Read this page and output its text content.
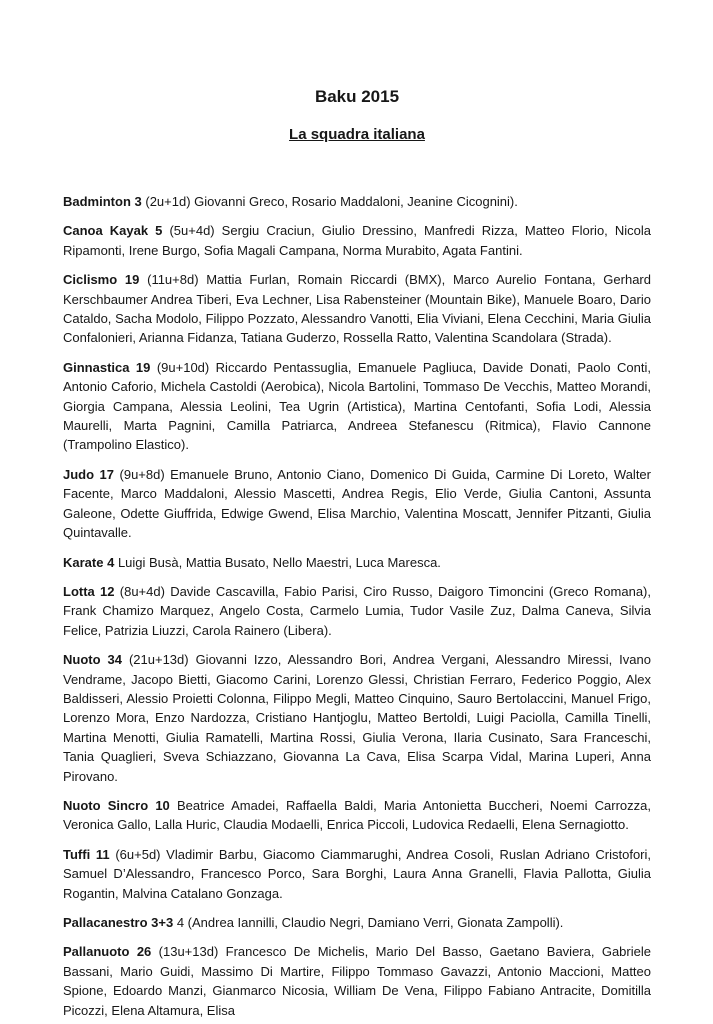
Baku 2015
La squadra italiana

Badminton 3 (2u+1d) Giovanni Greco, Rosario Maddaloni, Jeanine Cicognini).

Canoa Kayak 5 (5u+4d) Sergiu Craciun, Giulio Dressino, Manfredi Rizza, Matteo Florio, Nicola Ripamonti, Irene Burgo, Sofia Magali Campana, Norma Murabito, Agata Fantini.

Ciclismo 19 (11u+8d) Mattia Furlan, Romain Riccardi (BMX), Marco Aurelio Fontana, Gerhard Kerschbaumer Andrea Tiberi, Eva Lechner, Lisa Rabensteiner (Mountain Bike), Manuele Boaro, Dario Cataldo, Sacha Modolo, Filippo Pozzato, Alessandro Vanotti, Elia Viviani, Elena Cecchini, Maria Giulia Confalonieri, Arianna Fidanza, Tatiana Guderzo, Rossella Ratto, Valentina Scandolara (Strada).

Ginnastica 19 (9u+10d) Riccardo Pentassuglia, Emanuele Pagliuca, Davide Donati, Paolo Conti, Antonio Caforio, Michela Castoldi (Aerobica), Nicola Bartolini, Tommaso De Vecchis, Matteo Morandi, Giorgia Campana, Alessia Leolini, Tea Ugrin (Artistica), Martina Centofanti, Sofia Lodi, Alessia Maurelli, Marta Pagnini, Camilla Patriarca, Andreea Stefanescu (Ritmica), Flavio Cannone (Trampolino Elastico).

Judo 17 (9u+8d) Emanuele Bruno, Antonio Ciano, Domenico Di Guida, Carmine Di Loreto, Walter Facente, Marco Maddaloni, Alessio Mascetti, Andrea Regis, Elio Verde, Giulia Cantoni, Assunta Galeone, Odette Giuffrida, Edwige Gwend, Elisa Marchio, Valentina Moscatt, Jennifer Pitzanti, Giulia Quintavalle.

Karate 4 Luigi Busà, Mattia Busato, Nello Maestri, Luca Maresca.

Lotta 12 (8u+4d) Davide Cascavilla, Fabio Parisi, Ciro Russo, Daigoro Timoncini (Greco Romana), Frank Chamizo Marquez, Angelo Costa, Carmelo Lumia, Tudor Vasile Zuz, Dalma Caneva, Silvia Felice, Patrizia Liuzzi, Carola Rainero (Libera).

Nuoto 34 (21u+13d) Giovanni Izzo, Alessandro Bori, Andrea Vergani, Alessandro Miressi, Ivano Vendrame, Jacopo Bietti, Giacomo Carini, Lorenzo Glessi, Christian Ferraro, Federico Poggio, Alex Baldisseri, Alessio Proietti Colonna, Filippo Megli, Matteo Cinquino, Sauro Bertolaccini, Manuel Frigo, Lorenzo Mora, Enzo Nardozza, Cristiano Hantjoglu, Matteo Bertoldi, Luigi Paciolla, Camilla Tinelli, Martina Menotti, Giulia Ramatelli, Martina Rossi, Giulia Verona, Ilaria Cusinato, Sara Franceschi, Tania Quaglieri, Sveva Schiazzano, Giovanna La Cava, Elisa Scarpa Vidal, Marina Luperi, Anna Pirovano.

Nuoto Sincro 10 Beatrice Amadei, Raffaella Baldi, Maria Antonietta Buccheri, Noemi Carrozza, Veronica Gallo, Lalla Huric, Claudia Modaelli, Enrica Piccoli, Ludovica Redaelli, Elena Sernagiotto.

Tuffi 11 (6u+5d) Vladimir Barbu, Giacomo Ciammarughi, Andrea Cosoli, Ruslan Adriano Cristofori, Samuel D’Alessandro, Francesco Porco, Sara Borghi, Laura Anna Granelli, Flavia Pallotta, Giulia Rogantin, Malvina Catalano Gonzaga.

Pallacanestro 3+3 4 (Andrea Iannilli, Claudio Negri, Damiano Verri, Gionata Zampolli).

Pallanuoto 26 (13u+13d) Francesco De Michelis, Mario Del Basso, Gaetano Baviera, Gabriele Bassani, Mario Guidi, Massimo Di Martire, Filippo Tommaso Gavazzi, Antonio Maccioni, Matteo Spione, Edoardo Manzi, Gianmarco Nicosia, William De Vena, Filippo Fabiano Antracite, Domitilla Picozzi, Elena Altamura, Elisa
